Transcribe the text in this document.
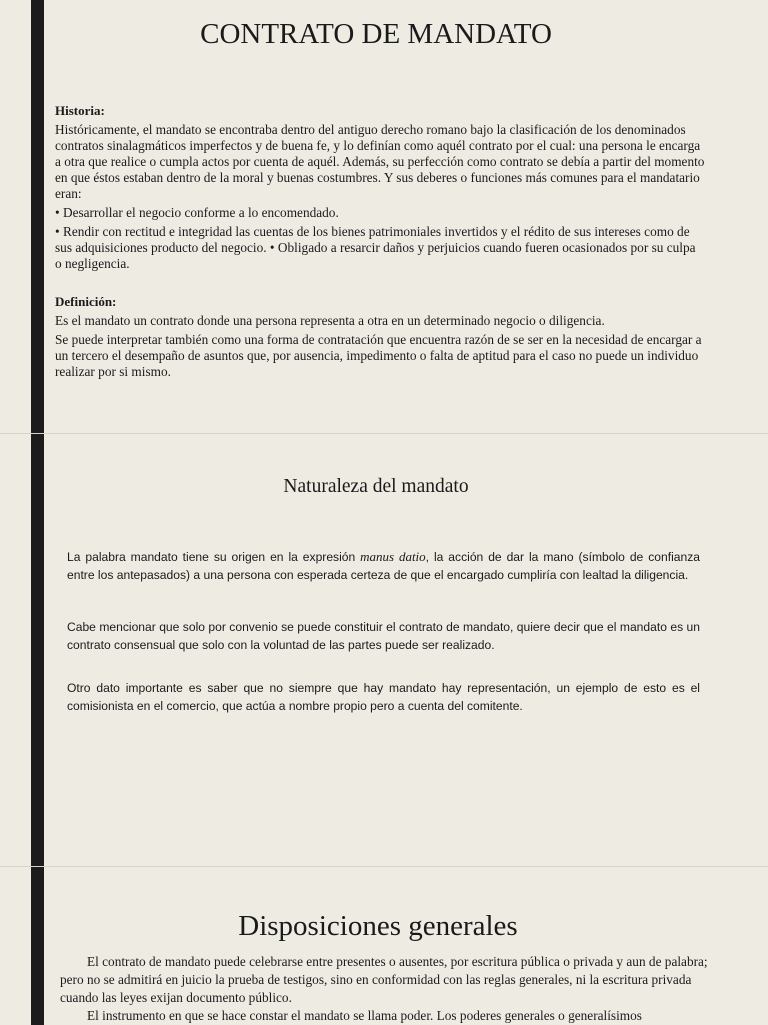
CONTRATO DE MANDATO
Historia:

Históricamente, el mandato se encontraba dentro del antiguo derecho romano bajo la clasificación de los denominados contratos sinalagmáticos imperfectos y de buena fe, y lo definían como aquél contrato por el cual: una persona le encarga a otra que realice o cumpla actos por cuenta de aquél. Además, su perfección como contrato se debía a partir del momento en que éstos estaban dentro de la moral y buenas costumbres. Y sus deberes o funciones más comunes para el mandatario eran:

• Desarrollar el negocio conforme a lo encomendado.

• Rendir con rectitud e integridad las cuentas de los bienes patrimoniales invertidos y el rédito de sus intereses como de sus adquisiciones producto del negocio. • Obligado a resarcir daños y perjuicios cuando fueren ocasionados por su culpa o negligencia.

Definición:

Es el mandato un contrato donde una persona representa a otra en un determinado negocio o diligencia.

Se puede interpretar también como una forma de contratación que encuentra razón de se ser en la necesidad de encargar a un tercero el desempaño de asuntos que, por ausencia, impedimento o falta de aptitud para el caso no puede un individuo realizar por si mismo.

Naturaleza del mandato

La palabra mandato tiene su origen en la expresión manus datio, la acción de dar la mano (símbolo de confianza entre los antepasados) a una persona con esperada certeza de que el encargado cumpliría con lealtad la diligencia.

Cabe mencionar que solo por convenio se puede constituir el contrato de mandato, quiere decir que el mandato es un contrato consensual que solo con la voluntad de las partes puede ser realizado.

Otro dato importante es saber que no siempre que hay mandato hay representación, un ejemplo de esto es el comisionista en el comercio, que actúa a nombre propio pero a cuenta del comitente.

Disposiciones generales

El contrato de mandato puede celebrarse entre presentes o ausentes, por escritura pública o privada y aun de palabra; pero no se admitirá en juicio la prueba de testigos, sino en conformidad con las reglas generales, ni la escritura privada cuando las leyes exijan documento público.

El instrumento en que se hace constar el mandato se llama poder. Los poderes generales o generalísimos
